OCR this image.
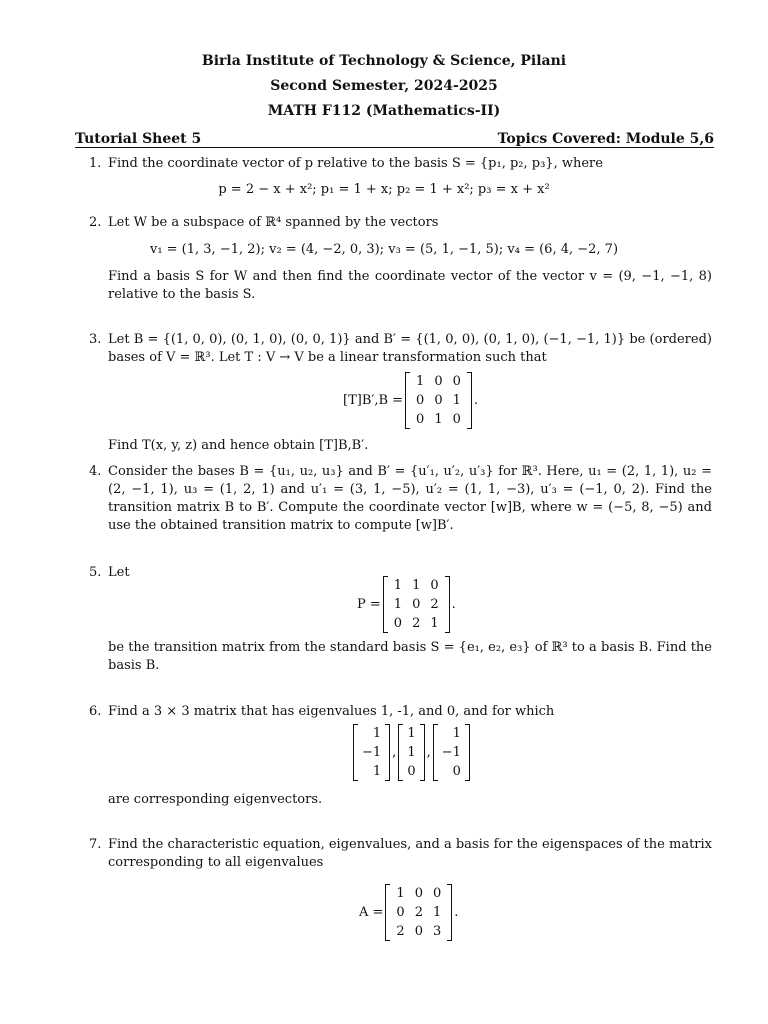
Birla Institute of Technology & Science, Pilani
Second Semester, 2024-2025
MATH F112 (Mathematics-II)
Tutorial Sheet 5	Topics Covered: Module 5,6
1. Find the coordinate vector of p relative to the basis S = {p₁, p₂, p₃}, where
p = 2 − x + x²; p₁ = 1 + x; p₂ = 1 + x²; p₃ = x + x²
2. Let W be a subspace of ℝ⁴ spanned by the vectors
v₁ = (1, 3, −1, 2); v₂ = (4, −2, 0, 3); v₃ = (5, 1, −1, 5); v₄ = (6, 4, −2, 7)
Find a basis S for W and then find the coordinate vector of the vector v = (9, −1, −1, 8) relative to the basis S.
3. Let B = {(1, 0, 0), (0, 1, 0), (0, 0, 1)} and B′ = {(1, 0, 0), (0, 1, 0), (−1, −1, 1)} be (ordered) bases of V = ℝ³. Let T : V → V be a linear transformation such that
[T]B′,B =
1	0	0
0	0	1
0	1	0
.
Find T(x, y, z) and hence obtain [T]B,B′.
4. Consider the bases B = {u₁, u₂, u₃} and B′ = {u′₁, u′₂, u′₃} for ℝ³. Here, u₁ = (2, 1, 1), u₂ = (2, −1, 1), u₃ = (1, 2, 1) and u′₁ = (3, 1, −5), u′₂ = (1, 1, −3), u′₃ = (−1, 0, 2). Find the transition matrix B to B′. Compute the coordinate vector [w]B, where w = (−5, 8, −5) and use the obtained transition matrix to compute [w]B′.
5. Let
P =
1	1	0
1	0	2
0	2	1
.
be the transition matrix from the standard basis S = {e₁, e₂, e₃} of ℝ³ to a basis B. Find the basis B.
6. Find a 3 × 3 matrix that has eigenvalues 1, -1, and 0, and for which
1
−1
1
,
1
1
0
,
1
−1
0
are corresponding eigenvectors.
7. Find the characteristic equation, eigenvalues, and a basis for the eigenspaces of the matrix corresponding to all eigenvalues
A =
1	0	0
0	2	1
2	0	3
.
